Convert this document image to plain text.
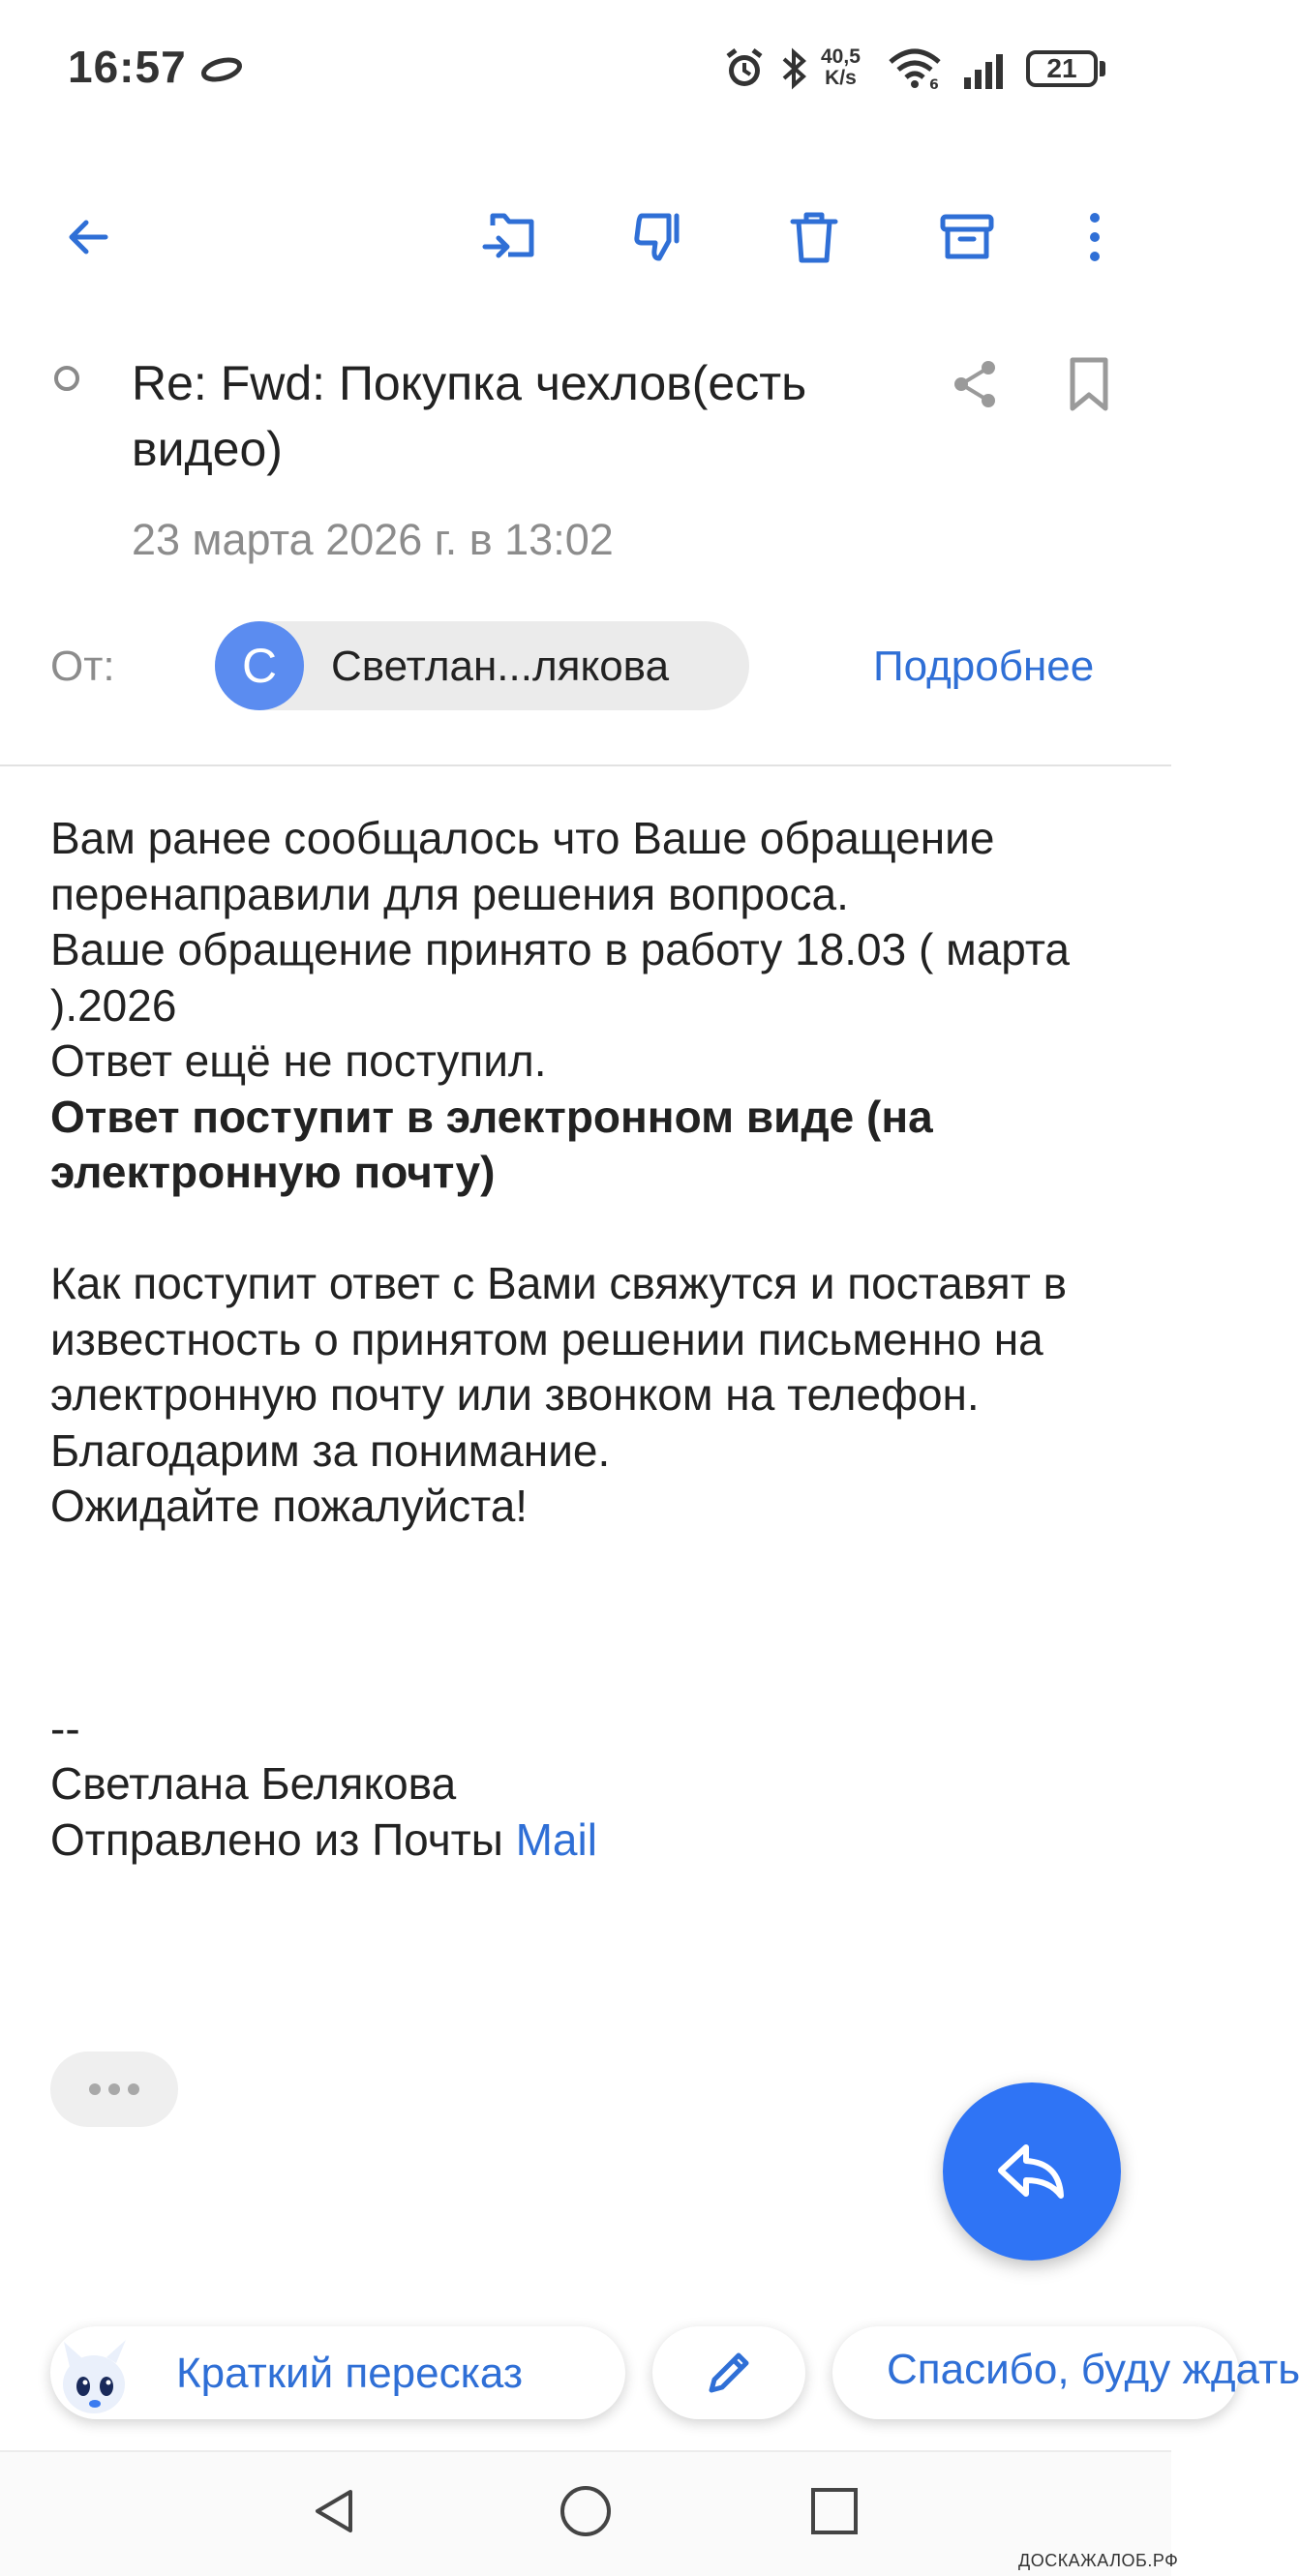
16:57	40,5
K/s	6
21
Re: Fwd: Покупка чехлов(есть видео)
23 марта 2026 г. в 13:02
От:	С	Светлан...лякова	Подробнее

Вам ранее сообщалось что Ваше обращение перенаправили для решения вопроса.

Ваше обращение принято в работу 18.03 ( марта ).2026

Ответ ещё не поступил.

Ответ поступит в электронном виде (на электронную почту)

Как поступит ответ с Вами свяжутся и поставят в известность о принятом решении письменно на электронную почту или звонком на телефон.

Благодарим за понимание.

Ожидайте пожалуйста!

--

Светлана Белякова

Отправлено из Почты Mail

Краткий пересказ	Спасибо, буду ждать
ДОСКАЖАЛОБ.РФ
